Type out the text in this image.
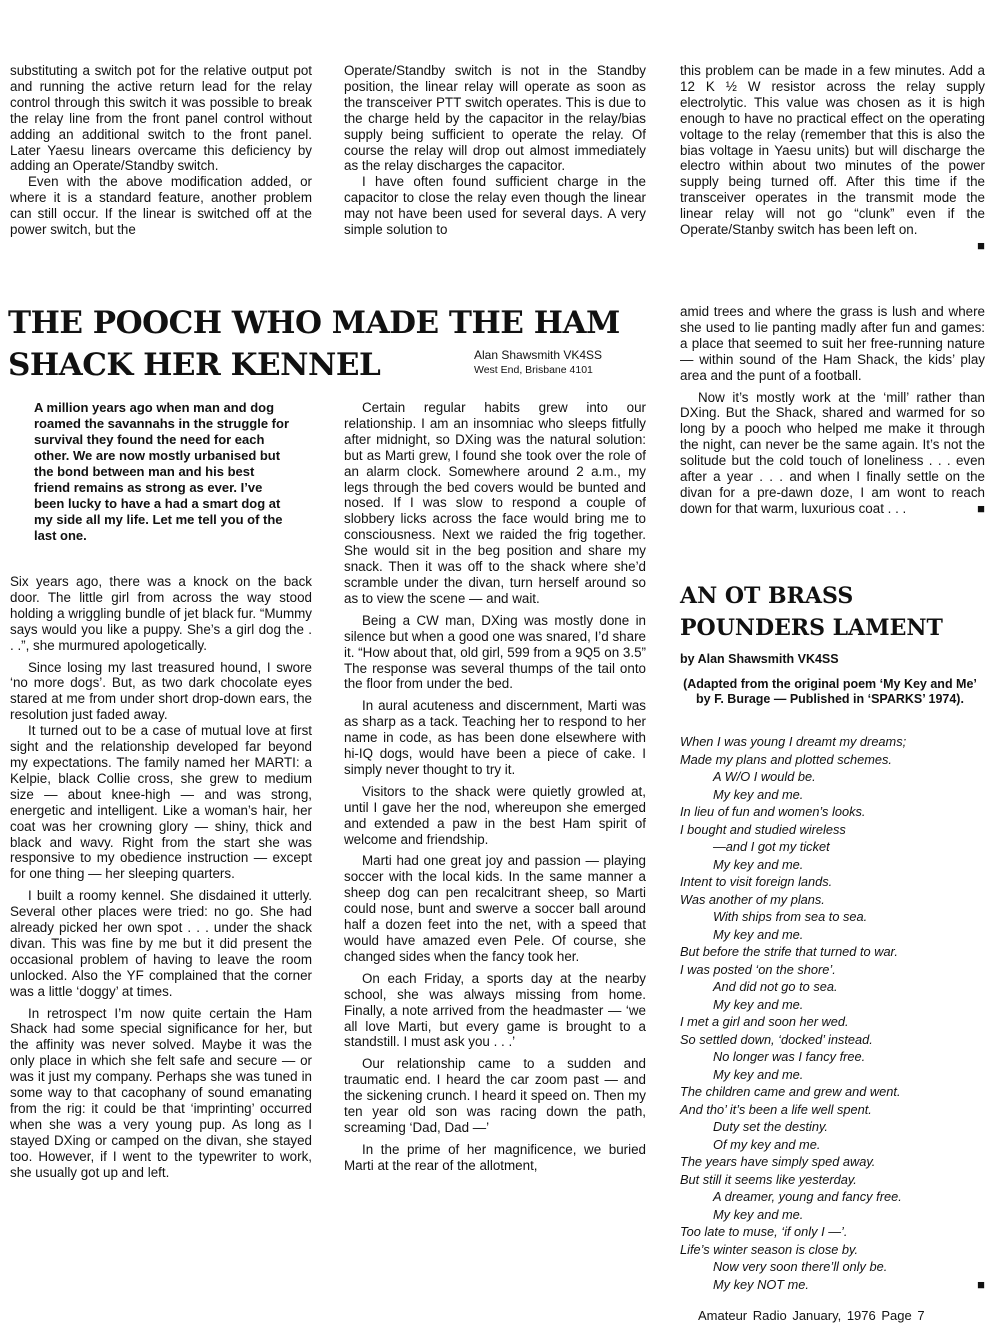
substituting a switch pot for the relative output pot and running the active return lead for the relay control through this switch it was possible to break the relay line from the front panel control without adding an additional switch to the front panel. Later Yaesu linears overcame this deficiency by adding an Operate/Standby switch.

Even with the above modification added, or where it is a standard feature, another problem can still occur. If the linear is switched off at the power switch, but the

Operate/Standby switch is not in the Standby position, the linear relay will operate as soon as the transceiver PTT switch operates. This is due to the charge held by the capacitor in the relay/bias supply being sufficient to operate the relay. Of course the relay will drop out almost immediately as the relay discharges the capacitor.

I have often found sufficient charge in the capacitor to close the relay even though the linear may not have been used for several days. A very simple solution to

this problem can be made in a few minutes. Add a 12 K ½ W resistor across the relay supply electrolytic. This value was chosen as it is high enough to have no practical effect on the operating voltage to the relay (remember that this is also the bias voltage in Yaesu units) but will discharge the electro within about two minutes of the power supply being turned off. After this time if the transceiver operates in the transmit mode the linear relay will not go “clunk” even if the Operate/Stanby switch has been left on.

■
THE POOCH WHO MADE THE HAM
SHACK HER KENNEL	Alan Shawsmith VK4SS
West End, Brisbane 4101
A million years ago when man and dog roamed the savannahs in the struggle for survival they found the need for each other. We are now mostly urbanised but the bond between man and his best friend remains as strong as ever. I’ve been lucky to have a had a smart dog at my side all my life. Let me tell you of the last one.

Six years ago, there was a knock on the back door. The little girl from across the way stood holding a wriggling bundle of jet black fur. “Mummy says would you like a puppy. She’s a girl dog the . . .”, she murmured apologetically.

Since losing my last treasured hound, I swore ‘no more dogs’. But, as two dark chocolate eyes stared at me from under short drop-down ears, the resolution just faded away.

It turned out to be a case of mutual love at first sight and the relationship developed far beyond my expectations. The family named her MARTI: a Kelpie, black Collie cross, she grew to medium size — about knee-high — and was strong, energetic and intelligent. Like a woman’s hair, her coat was her crowning glory — shiny, thick and black and wavy. Right from the start she was responsive to my obedience instruction — except for one thing — her sleeping quarters.

I built a roomy kennel. She disdained it utterly. Several other places were tried: no go. She had already picked her own spot . . . under the shack divan. This was fine by me but it did present the occasional problem of having to leave the room unlocked. Also the YF complained that the corner was a little ‘doggy’ at times.

In retrospect I’m now quite certain the Ham Shack had some special significance for her, but the affinity was never solved. Maybe it was the only place in which she felt safe and secure — or was it just my company. Perhaps she was tuned in some way to that cacophany of sound emanating from the rig: it could be that ‘imprinting’ occurred when she was a very young pup. As long as I stayed DXing or camped on the divan, she stayed too. However, if I went to the typewriter to work, she usually got up and left.

Certain regular habits grew into our relationship. I am an insomniac who sleeps fitfully after midnight, so DXing was the natural solution: but as Marti grew, I found she took over the role of an alarm clock. Somewhere around 2 a.m., my legs through the bed covers would be bunted and nosed. If I was slow to respond a couple of slobbery licks across the face would bring me to consciousness. Next we raided the frig together. She would sit in the beg position and share my snack. Then it was off to the shack where she’d scramble under the divan, turn herself around so as to view the scene — and wait.

Being a CW man, DXing was mostly done in silence but when a good one was snared, I’d share it. “How about that, old girl, 599 from a 9Q5 on 3.5” The response was several thumps of the tail onto the floor from under the bed.

In aural acuteness and discernment, Marti was as sharp as a tack. Teaching her to respond to her name in code, as has been done elsewhere with hi-IQ dogs, would have been a piece of cake. I simply never thought to try it.

Visitors to the shack were quietly growled at, until I gave her the nod, whereupon she emerged and extended a paw in the best Ham spirit of welcome and friendship.

Marti had one great joy and passion — playing soccer with the local kids. In the same manner a sheep dog can pen recalcitrant sheep, so Marti could nose, bunt and swerve a soccer ball around half a dozen feet into the net, with a speed that would have amazed even Pele. Of course, she changed sides when the fancy took her.

On each Friday, a sports day at the nearby school, she was always missing from home. Finally, a note arrived from the headmaster — ‘we all love Marti, but every game is brought to a standstill. I must ask you . . .’

Our relationship came to a sudden and traumatic end. I heard the car zoom past — and the sickening crunch. I heard it speed on. Then my ten year old son was racing down the path, screaming ‘Dad, Dad —’

In the prime of her magnificence, we buried Marti at the rear of the allotment,

amid trees and where the grass is lush and where she used to lie panting madly after fun and games: a place that seemed to suit her free-running nature — within sound of the Ham Shack, the kids’ play area and the punt of a football.

Now it’s mostly work at the ‘mill’ rather than DXing. But the Shack, shared and warmed for so long by a pooch who helped me make it through the night, can never be the same again. It’s not the solitude but the cold touch of loneliness . . . even after a year . . . and when I finally settle on the divan for a pre-dawn doze, I am wont to reach down for that warm, luxurious coat . . . ■

AN OT BRASS
POUNDERS LAMENT
by Alan Shawsmith VK4SS
(Adapted from the original poem ‘My Key and Me’ by F. Burage — Published in ‘SPARKS’ 1974).
When I was young I dreamt my dreams;
Made my plans and plotted schemes.
A W/O I would be.
My key and me.
In lieu of fun and women’s looks.
I bought and studied wireless
—and I got my ticket
My key and me.
Intent to visit foreign lands.
Was another of my plans.
With ships from sea to sea.
My key and me.
But before the strife that turned to war.
I was posted ‘on the shore’.
And did not go to sea.
My key and me.
I met a girl and soon her wed.
So settled down, ‘docked’ instead.
No longer was I fancy free.
My key and me.
The children came and grew and went.
And tho’ it’s been a life well spent.
Duty set the destiny.
Of my key and me.
The years have simply sped away.
But still it seems like yesterday.
A dreamer, young and fancy free.
My key and me.
Too late to muse, ‘if only I —’.
Life’s winter season is close by.
Now very soon there’ll only be.
My key NOT me. ■
Amateur Radio January, 1976 Page 7
